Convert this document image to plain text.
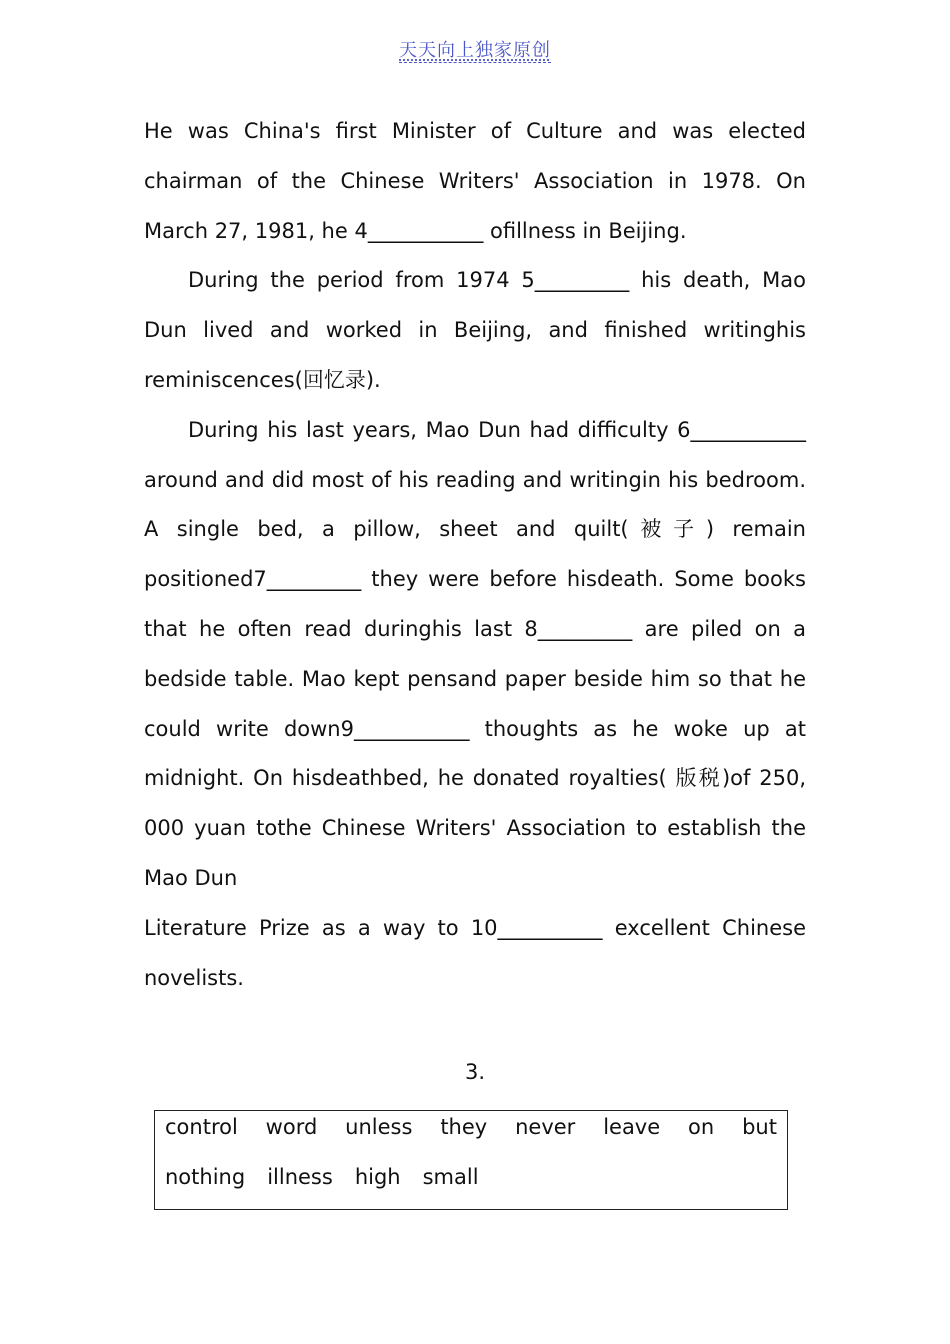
天天向上独家原创

He was China's first Minister of Culture and was elected chairman of the Chinese Writers' Association in 1978. On March 27, 1981, he 4___________ ofillness in Beijing.

During the period from 1974 5_________ his death, Mao Dun lived and worked in Beijing, and finished writinghis reminiscences(回忆录).

During his last years, Mao Dun had difficulty 6___________ around and did most of his reading and writingin his bedroom. A single bed, a pillow, sheet and quilt(被子) remain positioned7_________ they were before hisdeath. Some books that he often read duringhis last 8_________ are piled on a bedside table. Mao kept pensand paper beside him so that he could write down9___________ thoughts as he woke up at midnight. On hisdeathbed, he donated royalties( 版税)of 250, 000 yuan tothe Chinese Writers' Association to establish the Mao Dun

Literature Prize as a way to 10__________ excellent Chinese novelists.

3.
control word unless they never leave on but
nothing illness high small
